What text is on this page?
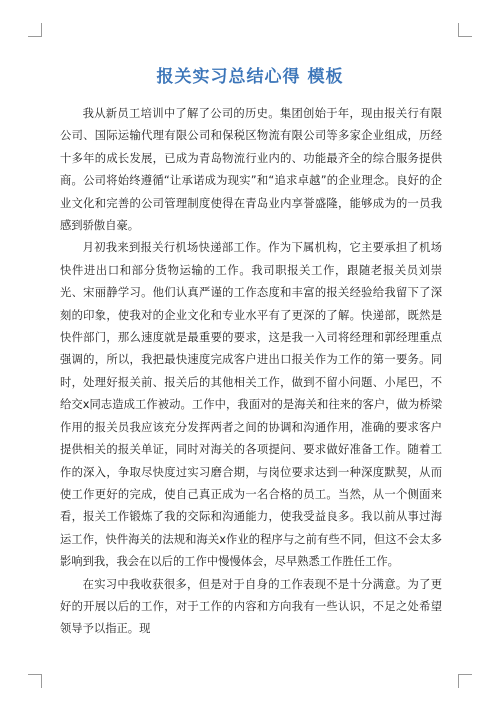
报关实习总结心得 模板

我从新员工培训中了解了公司的历史。集团创始于年，现由报关行有限公司、国际运输代理有限公司和保税区物流有限公司等多家企业组成，历经十多年的成长发展，已成为青岛物流行业内的、功能最齐全的综合服务提供商。公司将始终遵循“让承诺成为现实”和“追求卓越”的企业理念。良好的企业文化和完善的公司管理制度使得在青岛业内享誉盛隆，能够成为的一员我感到骄傲自豪。

月初我来到报关行机场快递部工作。作为下属机构，它主要承担了机场快件进出口和部分货物运输的工作。我司职报关工作，跟随老报关员刘崇光、宋丽静学习。他们认真严谨的工作态度和丰富的报关经验给我留下了深刻的印象，使我对的企业文化和专业水平有了更深的了解。快递部，既然是快件部门，那么速度就是最重要的要求，这是我一入司将经理和郭经理重点强调的，所以，我把最快速度完成客户进出口报关作为工作的第一要务。同时，处理好报关前、报关后的其他相关工作，做到不留小问题、小尾巴，不给交x同志造成工作被动。工作中，我面对的是海关和往来的客户，做为桥梁作用的报关员我应该充分发挥两者之间的协调和沟通作用，准确的要求客户提供相关的报关单证，同时对海关的各项提问、要求做好准备工作。随着工作的深入，争取尽快度过实习磨合期，与岗位要求达到一种深度默契，从而使工作更好的完成，使自己真正成为一名合格的员工。当然，从一个侧面来看，报关工作锻炼了我的交际和沟通能力，使我受益良多。我以前从事过海运工作，快件海关的法规和海关x作业的程序与之前有些不同，但这不会太多影响到我，我会在以后的工作中慢慢体会，尽早熟悉工作胜任工作。

在实习中我收获很多，但是对于自身的工作表现不是十分满意。为了更好的开展以后的工作，对于工作的内容和方向我有一些认识，不足之处希望领导予以指正。现
